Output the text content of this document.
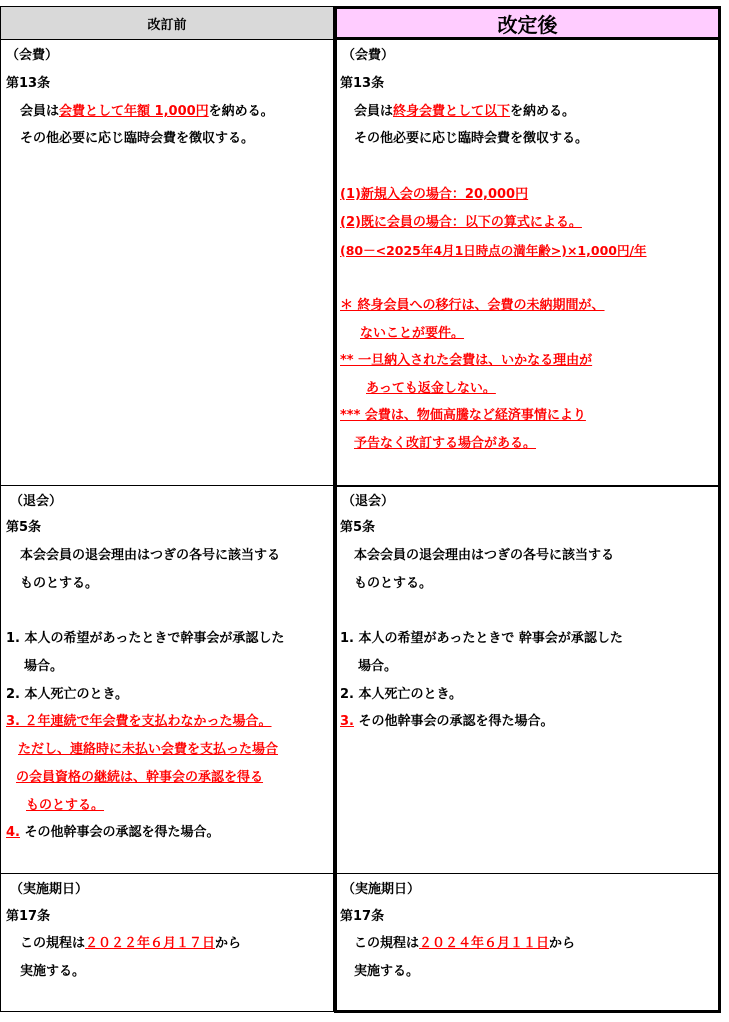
改訂前	改定後
（会費）
第13条
会員は会費として年額 1,000円を納める。
その他必要に応じ臨時会費を徴収する。
（会費）
第13条
会員は終身会費として以下を納める。
その他必要に応じ臨時会費を徴収する。
(1)新規入会の場合：20,000円
(2)既に会員の場合：以下の算式による。
(80－<2025年4月1日時点の満年齢>)×1,000円/年
＊ 終身会員への移行は、会費の未納期間が、
ないことが要件。
** 一旦納入された会費は、いかなる理由が
あっても返金しない。
*** 会費は、物価高騰など経済事情により
予告なく改訂する場合がある。
（退会）
第5条
本会会員の退会理由はつぎの各号に該当する
ものとする。
1. 本人の希望があったときで幹事会が承認した
場合。
2. 本人死亡のとき。
3. ２年連続で年会費を支払わなかった場合。
ただし、連絡時に未払い会費を支払った場合
の会員資格の継続は、幹事会の承認を得る
ものとする。
4. その他幹事会の承認を得た場合。
（退会）
第5条
本会会員の退会理由はつぎの各号に該当する
ものとする。
1. 本人の希望があったときで 幹事会が承認した
場合。
2. 本人死亡のとき。
3. その他幹事会の承認を得た場合。
（実施期日）
第17条
この規程は２０２２年６月１７日から
実施する。
（実施期日）
第17条
この規程は２０２４年６月１１日から
実施する。
